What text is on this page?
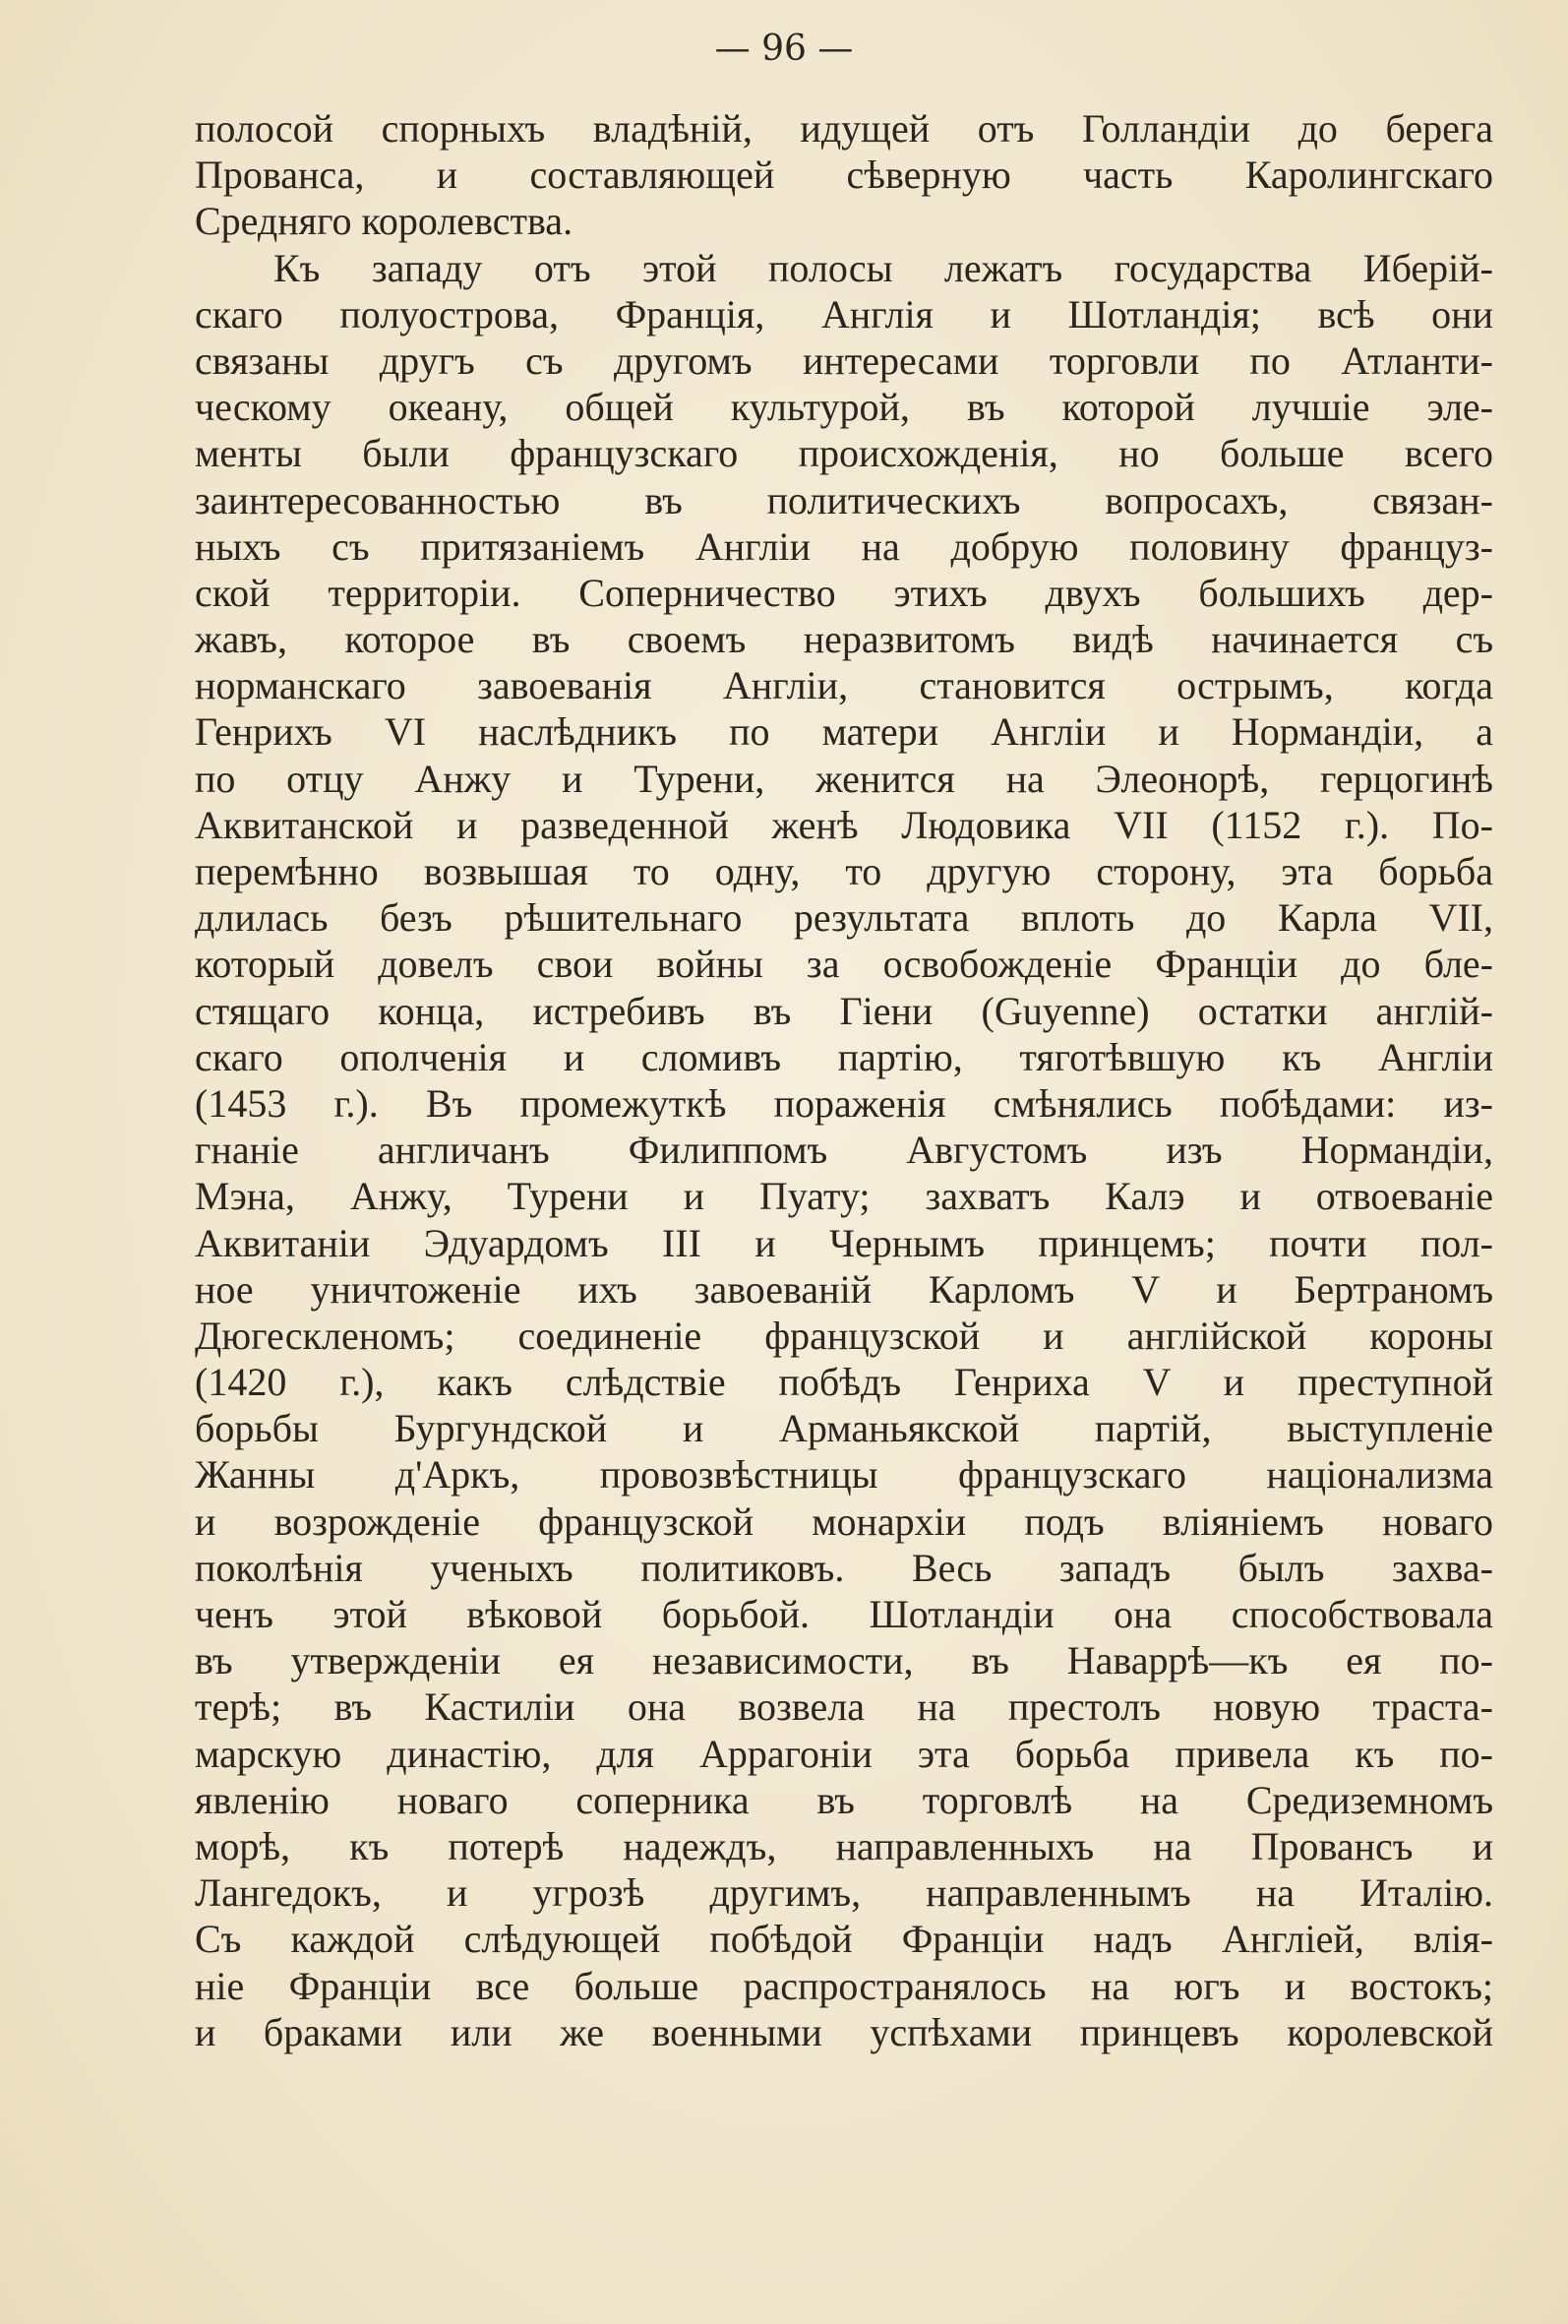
— 96 —
полосой спорныхъ владѣній, идущей отъ Голландіи до берега
Прованса, и составляющей сѣверную часть Каролингскаго
Средняго королевства.
Къ западу отъ этой полосы лежатъ государства Иберій-
скаго полуострова, Франція, Англія и Шотландія; всѣ они
связаны другъ съ другомъ интересами торговли по Атланти-
ческому океану, общей культурой, въ которой лучшіе эле-
менты были французскаго происхожденія, но больше всего
заинтересованностью въ политическихъ вопросахъ, связан-
ныхъ съ притязаніемъ Англіи на добрую половину француз-
ской территоріи. Соперничество этихъ двухъ большихъ дер-
жавъ, которое въ своемъ неразвитомъ видѣ начинается съ
норманскаго завоеванія Англіи, становится острымъ, когда
Генрихъ VI наслѣдникъ по матери Англіи и Нормандіи, а
по отцу Анжу и Турени, женится на Элеонорѣ, герцогинѣ
Аквитанской и разведенной женѣ Людовика VII (1152 г.). По-
перемѣнно возвышая то одну, то другую сторону, эта борьба
длилась безъ рѣшительнаго результата вплоть до Карла VII,
который довелъ свои войны за освобожденіе Франціи до бле-
стящаго конца, истребивъ въ Гіени (Guyenne) остатки англій-
скаго ополченія и сломивъ партію, тяготѣвшую къ Англіи
(1453 г.). Въ промежуткѣ пораженія смѣнялись побѣдами: из-
гнаніе англичанъ Филиппомъ Августомъ изъ Нормандіи,
Мэна, Анжу, Турени и Пуату; захватъ Калэ и отвоеваніе
Аквитаніи Эдуардомъ III и Чернымъ принцемъ; почти пол-
ное уничтоженіе ихъ завоеваній Карломъ V и Бертраномъ
Дюгескленомъ; соединеніе французской и англійской короны
(1420 г.), какъ слѣдствіе побѣдъ Генриха V и преступной
борьбы Бургундской и Арманьякской партій, выступленіе
Жанны д'Аркъ, провозвѣстницы французскаго націонализма
и возрожденіе французской монархіи подъ вліяніемъ новаго
поколѣнія ученыхъ политиковъ. Весь западъ былъ захва-
ченъ этой вѣковой борьбой. Шотландіи она способствовала
въ утвержденіи ея независимости, въ Наваррѣ—къ ея по-
терѣ; въ Кастиліи она возвела на престолъ новую траста-
марскую династію, для Аррагоніи эта борьба привела къ по-
явленію новаго соперника въ торговлѣ на Средиземномъ
морѣ, къ потерѣ надеждъ, направленныхъ на Провансъ и
Лангедокъ, и угрозѣ другимъ, направленнымъ на Италію.
Съ каждой слѣдующей побѣдой Франціи надъ Англіей, влія-
ніе Франціи все больше распространялось на югъ и востокъ;
и браками или же военными успѣхами принцевъ королевской
